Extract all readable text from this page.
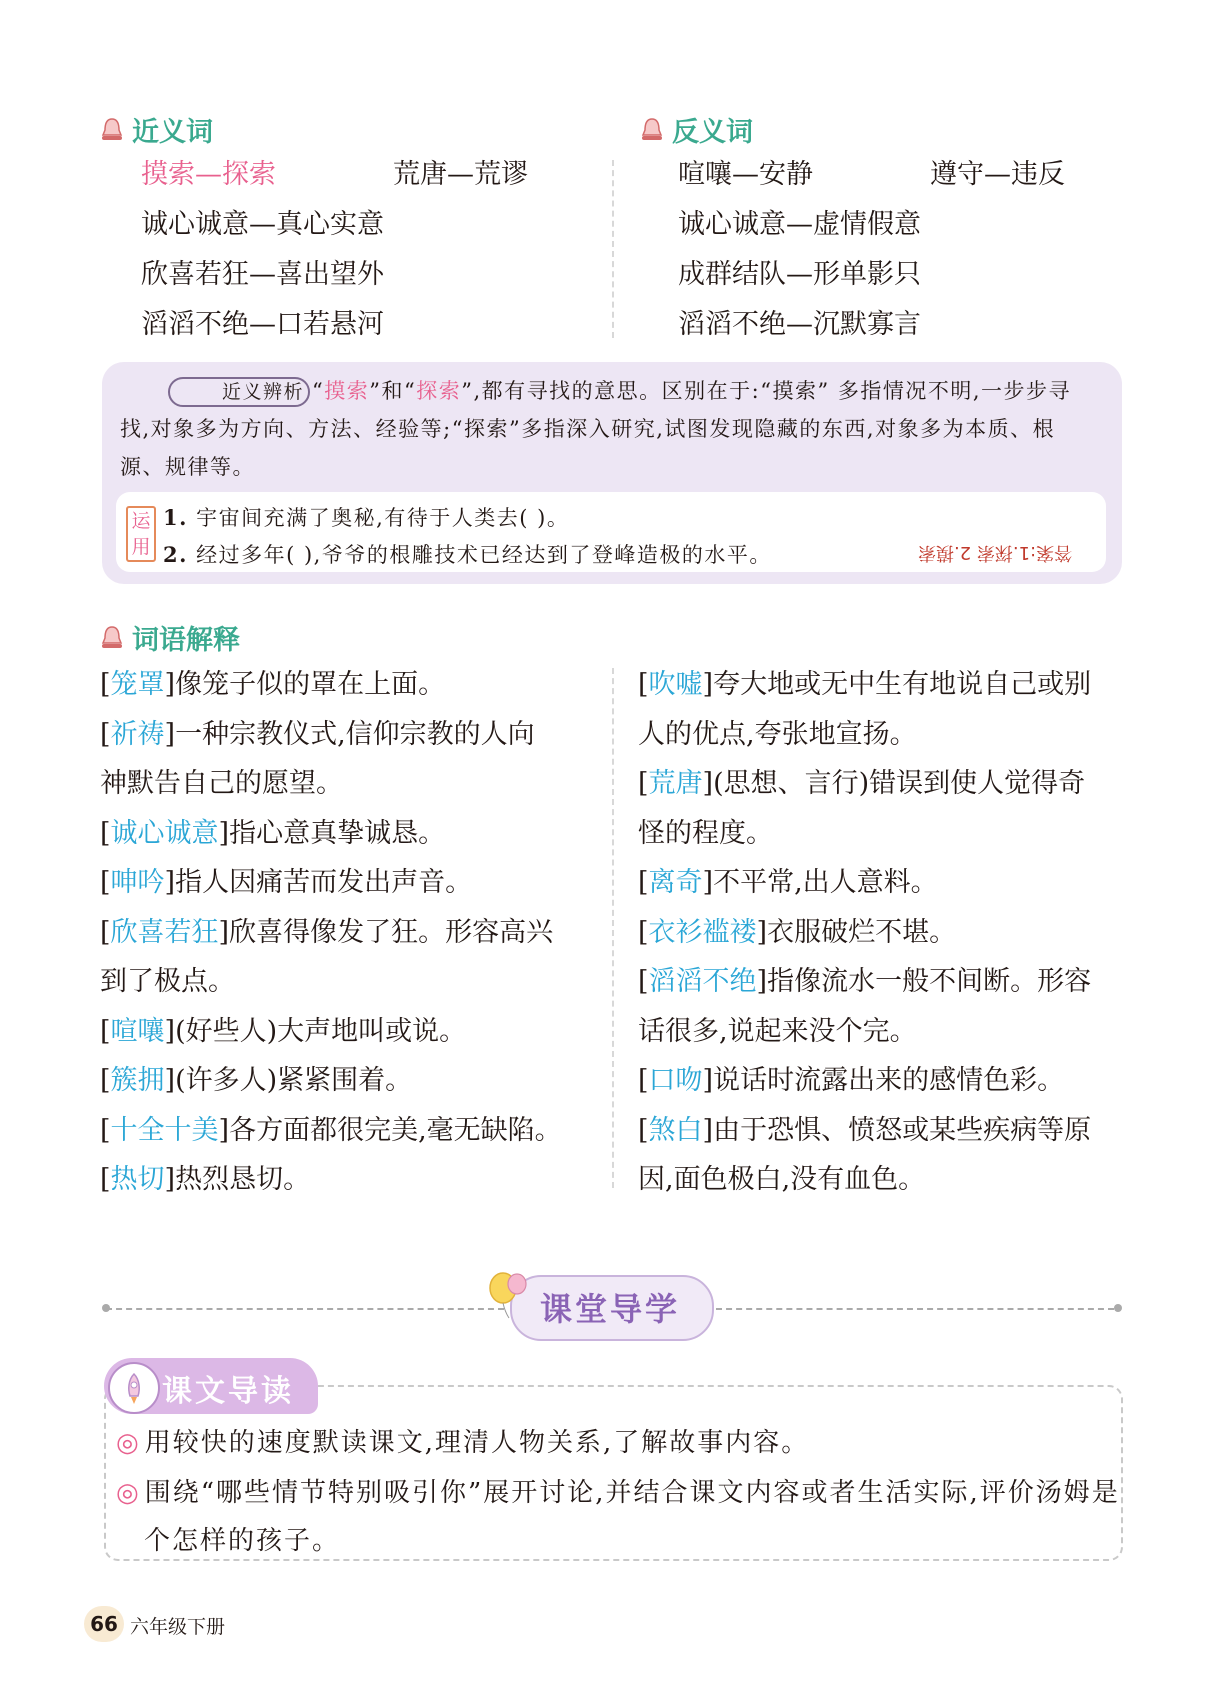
近义词
摸索—探索	荒唐—荒谬
诚心诚意—真心实意
欣喜若狂—喜出望外
滔滔不绝—口若悬河
反义词
喧嚷—安静	遵守—违反
诚心诚意—虚情假意
成群结队—形单影只
滔滔不绝—沉默寡言
近义辨析 “摸索”和“探索”,都有寻找的意思。区别在于:“摸索” 多指情况不明,一步步寻
找,对象多为方向、方法、经验等;“探索”多指深入研究,试图发现隐藏的东西,对象多为本质、根
源、规律等。
运用
1. 宇宙间充满了奥秘,有待于人类去( )。
2. 经过多年( ),爷爷的根雕技术已经达到了登峰造极的水平。	答案:1.探索 2.摸索
词语解释
[笼罩]像笼子似的罩在上面。
[祈祷]一种宗教仪式,信仰宗教的人向
神默告自己的愿望。
[诚心诚意]指心意真挚诚恳。
[呻吟]指人因痛苦而发出声音。
[欣喜若狂]欣喜得像发了狂。形容高兴
到了极点。
[喧嚷](好些人)大声地叫或说。
[簇拥](许多人)紧紧围着。
[十全十美]各方面都很完美,毫无缺陷。
[热切]热烈恳切。
[吹嘘]夸大地或无中生有地说自己或别
人的优点,夸张地宣扬。
[荒唐](思想、言行)错误到使人觉得奇
怪的程度。
[离奇]不平常,出人意料。
[衣衫褴褛]衣服破烂不堪。
[滔滔不绝]指像流水一般不间断。形容
话很多,说起来没个完。
[口吻]说话时流露出来的感情色彩。
[煞白]由于恐惧、愤怒或某些疾病等原
因,面色极白,没有血色。
课堂导学
课文导读
◎ 用较快的速度默读课文,理清人物关系,了解故事内容。
◎ 围绕“哪些情节特别吸引你”展开讨论,并结合课文内容或者生活实际,评价汤姆是
个怎样的孩子。
66 六年级下册
